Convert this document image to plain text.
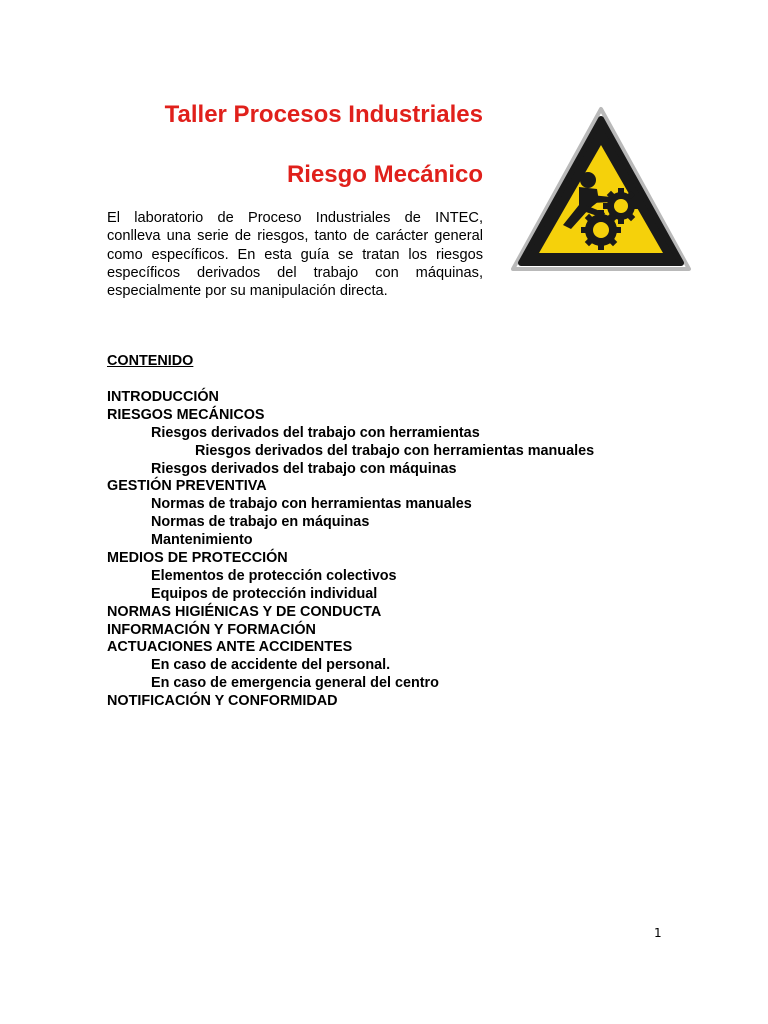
Taller Procesos Industriales
Riesgo Mecánico

El laboratorio de Proceso Industriales de INTEC,
conlleva una serie de riesgos, tanto de carácter general
como específicos. En esta guía se tratan los riesgos
específicos derivados del trabajo con máquinas,
especialmente por su manipulación directa.

CONTENIDO
INTRODUCCIÓN
RIESGOS MECÁNICOS
Riesgos derivados del trabajo con herramientas
Riesgos derivados del trabajo con herramientas manuales
Riesgos derivados del trabajo con máquinas
GESTIÓN PREVENTIVA
Normas de trabajo con herramientas manuales
Normas de trabajo en máquinas
Mantenimiento
MEDIOS DE PROTECCIÓN
Elementos de protección colectivos
Equipos de protección individual
NORMAS HIGIÉNICAS Y DE CONDUCTA
INFORMACIÓN Y FORMACIÓN
ACTUACIONES ANTE ACCIDENTES
En caso de accidente del personal.
En caso de emergencia general del centro
NOTIFICACIÓN Y CONFORMIDAD
1
